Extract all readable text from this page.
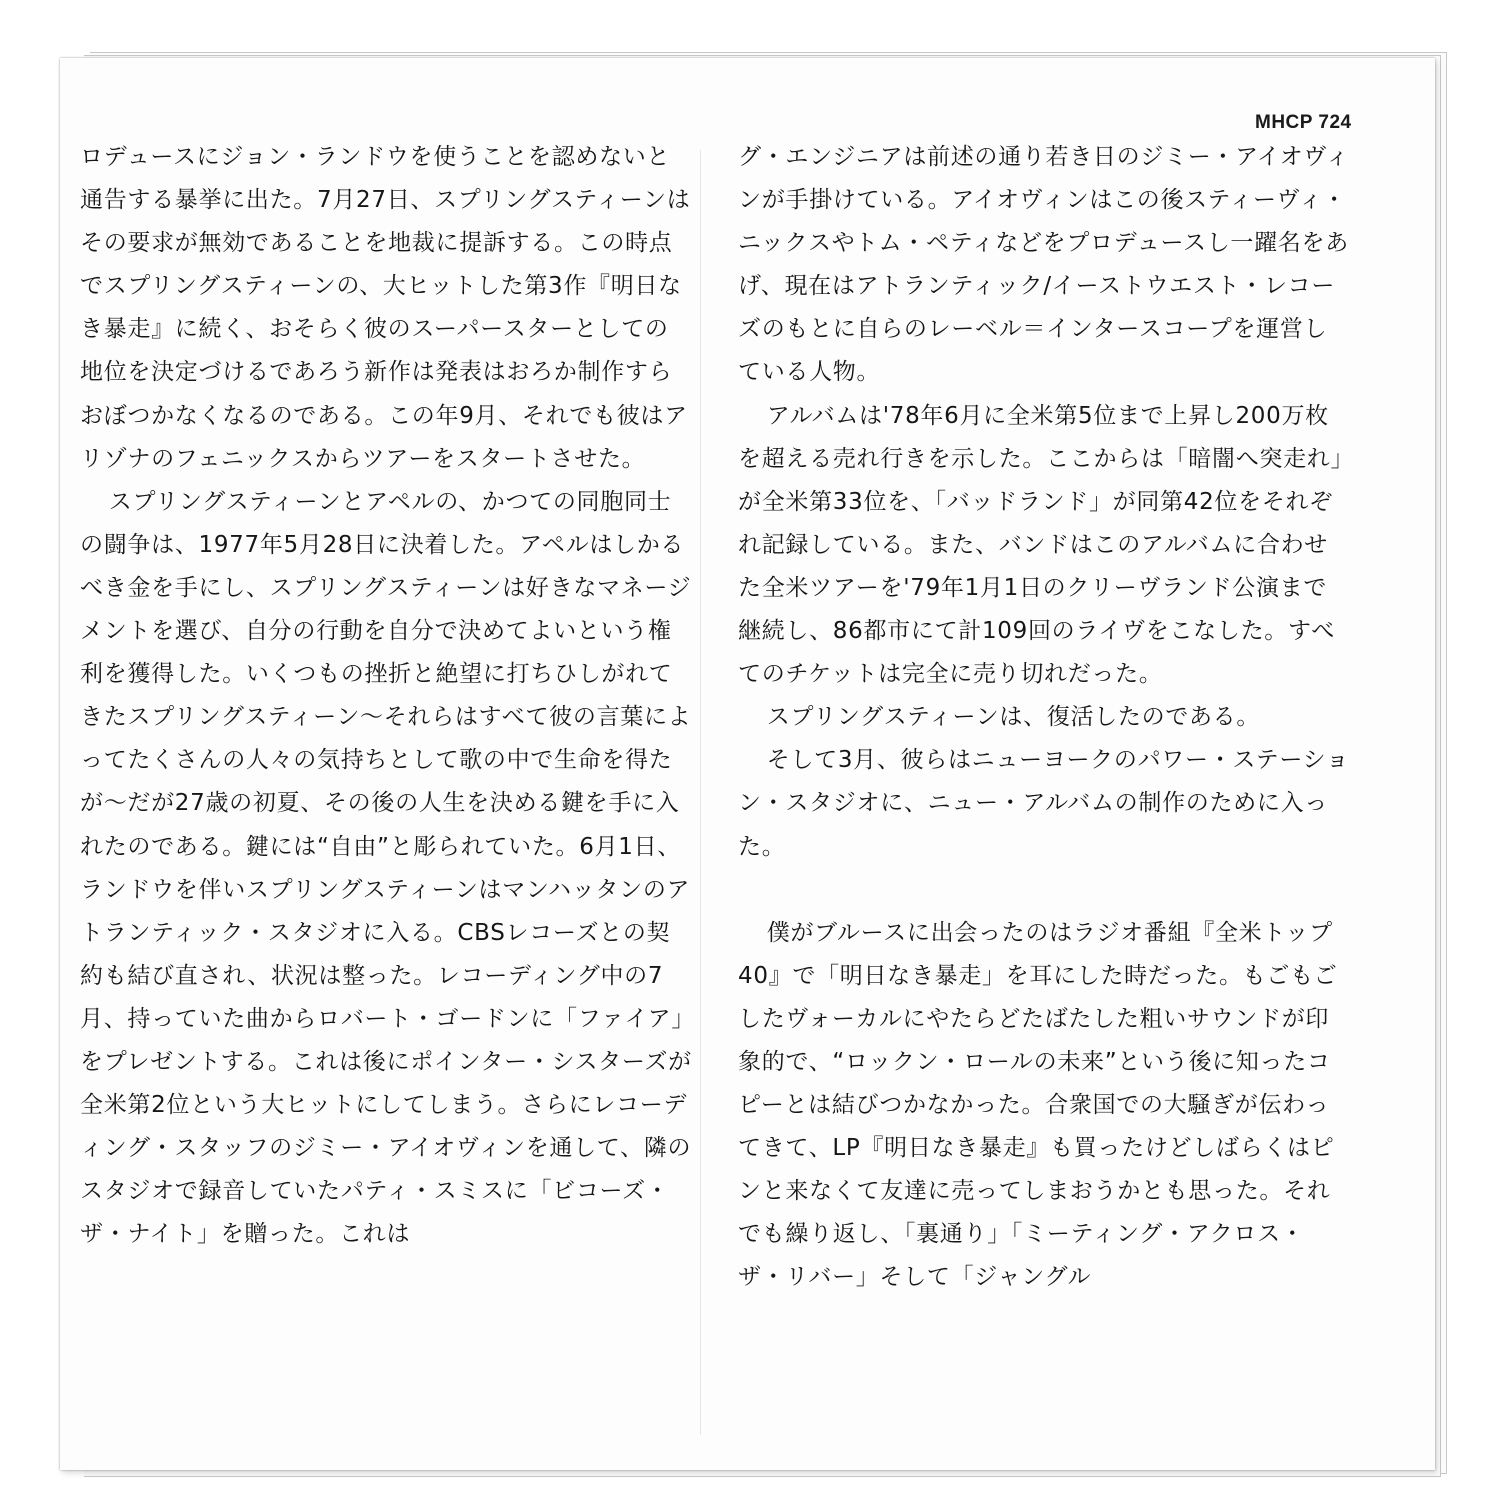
MHCP 724

ロデュースにジョン・ランドウを使うことを認めないと通告する暴挙に出た。7月27日、スプリングスティーンはその要求が無効であることを地裁に提訴する。この時点でスプリングスティーンの、大ヒットした第3作『明日なき暴走』に続く、おそらく彼のスーパースターとしての地位を決定づけるであろう新作は発表はおろか制作すらおぼつかなくなるのである。この年9月、それでも彼はアリゾナのフェニックスからツアーをスタートさせた。

スプリングスティーンとアペルの、かつての同胞同士の闘争は、1977年5月28日に決着した。アペルはしかるべき金を手にし、スプリングスティーンは好きなマネージメントを選び、自分の行動を自分で決めてよいという権利を獲得した。いくつもの挫折と絶望に打ちひしがれてきたスプリングスティーン～それらはすべて彼の言葉によってたくさんの人々の気持ちとして歌の中で生命を得たが～だが27歳の初夏、その後の人生を決める鍵を手に入れたのである。鍵には“自由”と彫られていた。6月1日、ランドウを伴いスプリングスティーンはマンハッタンのアトランティック・スタジオに入る。CBSレコーズとの契約も結び直され、状況は整った。レコーディング中の7月、持っていた曲からロバート・ゴードンに「ファイア」をプレゼントする。これは後にポインター・シスターズが全米第2位という大ヒットにしてしまう。さらにレコーディング・スタッフのジミー・アイオヴィンを通して、隣のスタジオで録音していたパティ・スミスに「ビコーズ・ザ・ナイト」を贈った。これは

グ・エンジニアは前述の通り若き日のジミー・アイオヴィンが手掛けている。アイオヴィンはこの後スティーヴィ・ニックスやトム・ペティなどをプロデュースし一躍名をあげ、現在はアトランティック/イーストウエスト・レコーズのもとに自らのレーベル＝インタースコープを運営している人物。

アルバムは'78年6月に全米第5位まで上昇し200万枚を超える売れ行きを示した。ここからは「暗闇へ突走れ」が全米第33位を、「バッドランド」が同第42位をそれぞれ記録している。また、バンドはこのアルバムに合わせた全米ツアーを'79年1月1日のクリーヴランド公演まで継続し、86都市にて計109回のライヴをこなした。すべてのチケットは完全に売り切れだった。

スプリングスティーンは、復活したのである。

そして3月、彼らはニューヨークのパワー・ステーション・スタジオに、ニュー・アルバムの制作のために入った。

僕がブルースに出会ったのはラジオ番組『全米トップ40』で「明日なき暴走」を耳にした時だった。もごもごしたヴォーカルにやたらどたばたした粗いサウンドが印象的で、“ロックン・ロールの未来”という後に知ったコピーとは結びつかなかった。合衆国での大騒ぎが伝わってきて、LP『明日なき暴走』も買ったけどしばらくはピンと来なくて友達に売ってしまおうかとも思った。それでも繰り返し、「裏通り」「ミーティング・アクロス・ザ・リバー」そして「ジャングル
